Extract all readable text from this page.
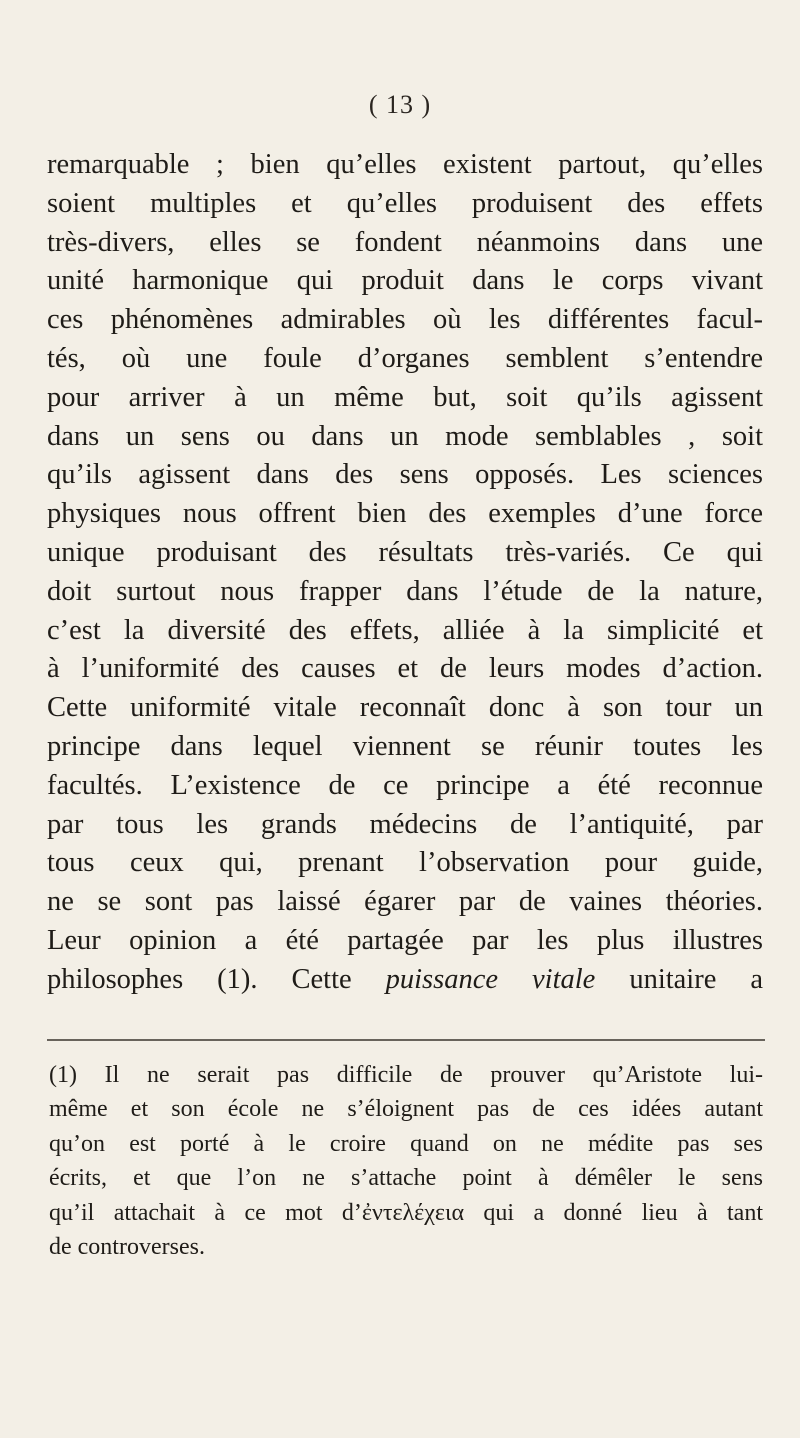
( 13 )
remarquable ; bien qu’elles existent partout, qu’elles
soient multiples et qu’elles produisent des effets
très-divers, elles se fondent néanmoins dans une
unité harmonique qui produit dans le corps vivant
ces phénomènes admirables où les différentes facul-
tés, où une foule d’organes semblent s’entendre
pour arriver à un même but, soit qu’ils agissent
dans un sens ou dans un mode semblables , soit
qu’ils agissent dans des sens opposés. Les sciences
physiques nous offrent bien des exemples d’une force
unique produisant des résultats très-variés. Ce qui
doit surtout nous frapper dans l’étude de la nature,
c’est la diversité des effets, alliée à la simplicité et
à l’uniformité des causes et de leurs modes d’action.
Cette uniformité vitale reconnaît donc à son tour un
principe dans lequel viennent se réunir toutes les
facultés. L’existence de ce principe a été reconnue
par tous les grands médecins de l’antiquité, par
tous ceux qui, prenant l’observation pour guide,
ne se sont pas laissé égarer par de vaines théories.
Leur opinion a été partagée par les plus illustres
philosophes (1). Cette puissance vitale unitaire a
(1) Il ne serait pas difficile de prouver qu’Aristote lui-
même et son école ne s’éloignent pas de ces idées autant
qu’on est porté à le croire quand on ne médite pas ses
écrits, et que l’on ne s’attache point à démêler le sens
qu’il attachait à ce mot d’ἐντελέχεια qui a donné lieu à tant
de controverses.
